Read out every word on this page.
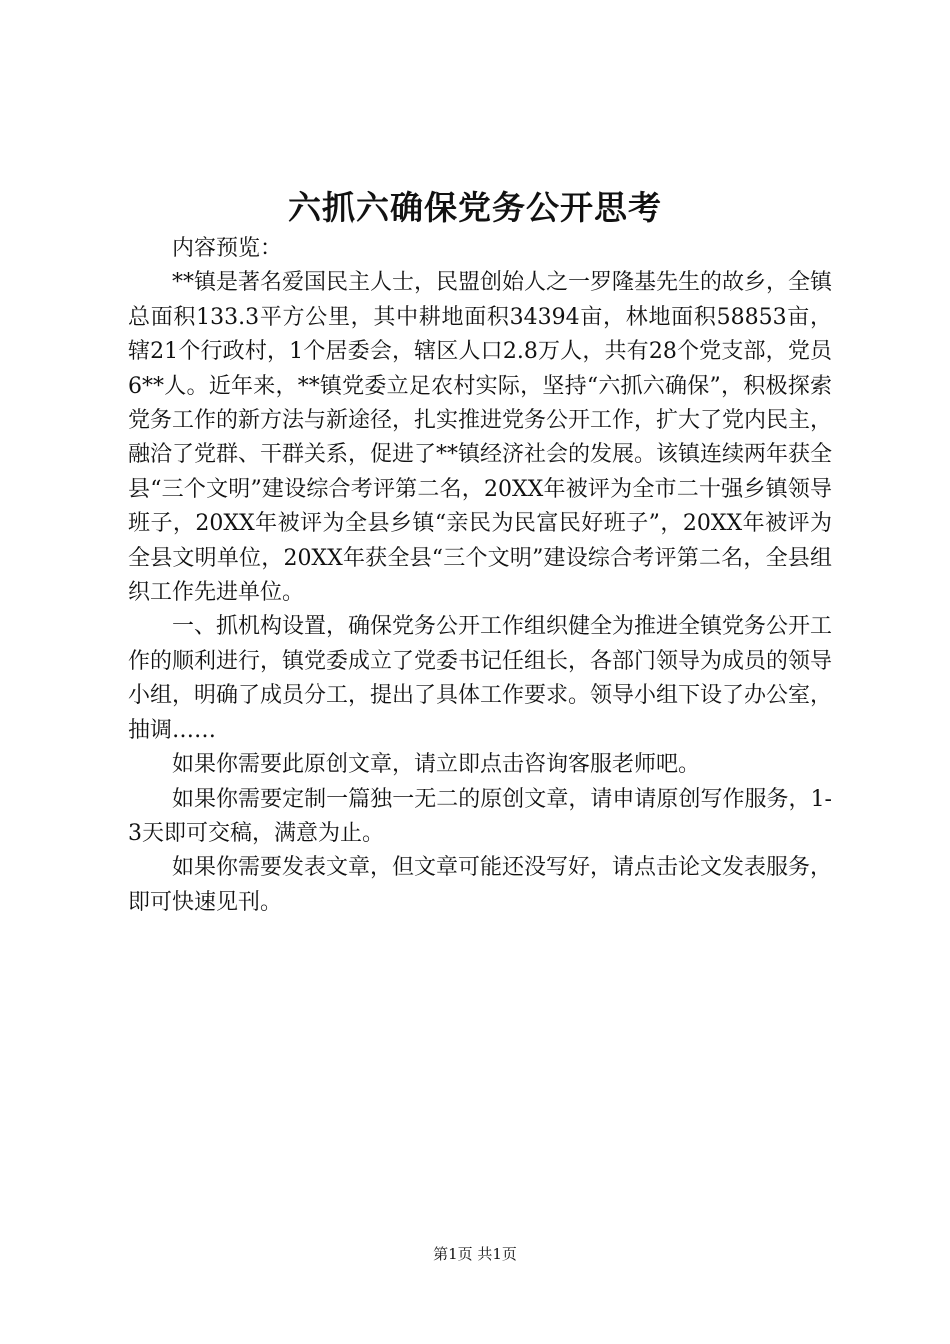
六抓六确保党务公开思考

内容预览：

**镇是著名爱国民主人士，民盟创始人之一罗隆基先生的故乡，全镇总面积133.3平方公里，其中耕地面积34394亩，林地面积58853亩，辖21个行政村，1个居委会，辖区人口2.8万人，共有28个党支部，党员6**人。近年来，**镇党委立足农村实际，坚持“六抓六确保”，积极探索党务工作的新方法与新途径，扎实推进党务公开工作，扩大了党内民主，融洽了党群、干群关系，促进了**镇经济社会的发展。该镇连续两年获全县“三个文明”建设综合考评第二名，20XX年被评为全市二十强乡镇领导班子，20XX年被评为全县乡镇“亲民为民富民好班子”，20XX年被评为全县文明单位，20XX年获全县“三个文明”建设综合考评第二名，全县组织工作先进单位。

一、抓机构设置，确保党务公开工作组织健全为推进全镇党务公开工作的顺利进行，镇党委成立了党委书记任组长，各部门领导为成员的领导小组，明确了成员分工，提出了具体工作要求。领导小组下设了办公室，抽调……

如果你需要此原创文章，请立即点击咨询客服老师吧。

如果你需要定制一篇独一无二的原创文章，请申请原创写作服务，1-3天即可交稿，满意为止。

如果你需要发表文章，但文章可能还没写好，请点击论文发表服务，即可快速见刊。

第1页 共1页
